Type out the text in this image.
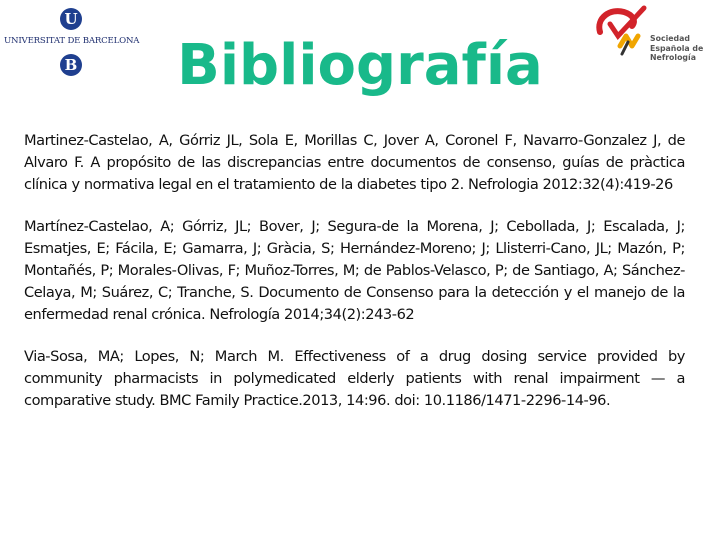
U
UNIVERSITAT DE BARCELONA
B
Sociedad
Española de
Nefrología
Bibliografía

Martinez-Castelao, A, Górriz JL, Sola E, Morillas C, Jover A, Coronel F, Navarro-Gonzalez J, de Alvaro F. A propósito de las discrepancias entre documentos de consenso, guías de pràctica clínica y normativa legal en el tratamiento de la diabetes tipo 2. Nefrologia 2012:32(4):419-26

Martínez-Castelao, A; Górriz, JL; Bover, J; Segura-de la Morena, J; Cebollada, J; Escalada, J; Esmatjes, E; Fácila, E; Gamarra, J; Gràcia, S; Hernández-Moreno; J; Llisterri-Cano, JL; Mazón, P; Montañés, P; Morales-Olivas, F; Muñoz-Torres, M; de Pablos-Velasco, P; de Santiago, A; Sánchez-Celaya, M; Suárez, C; Tranche, S. Documento de Consenso para la detección y el manejo de la enfermedad renal crónica. Nefrología 2014;34(2):243-62

Via-Sosa, MA; Lopes, N; March M. Effectiveness of a drug dosing service provided by community pharmacists in polymedicated elderly patients with renal impairment — a comparative study. BMC Family Practice.2013, 14:96. doi: 10.1186/1471-2296-14-96.
